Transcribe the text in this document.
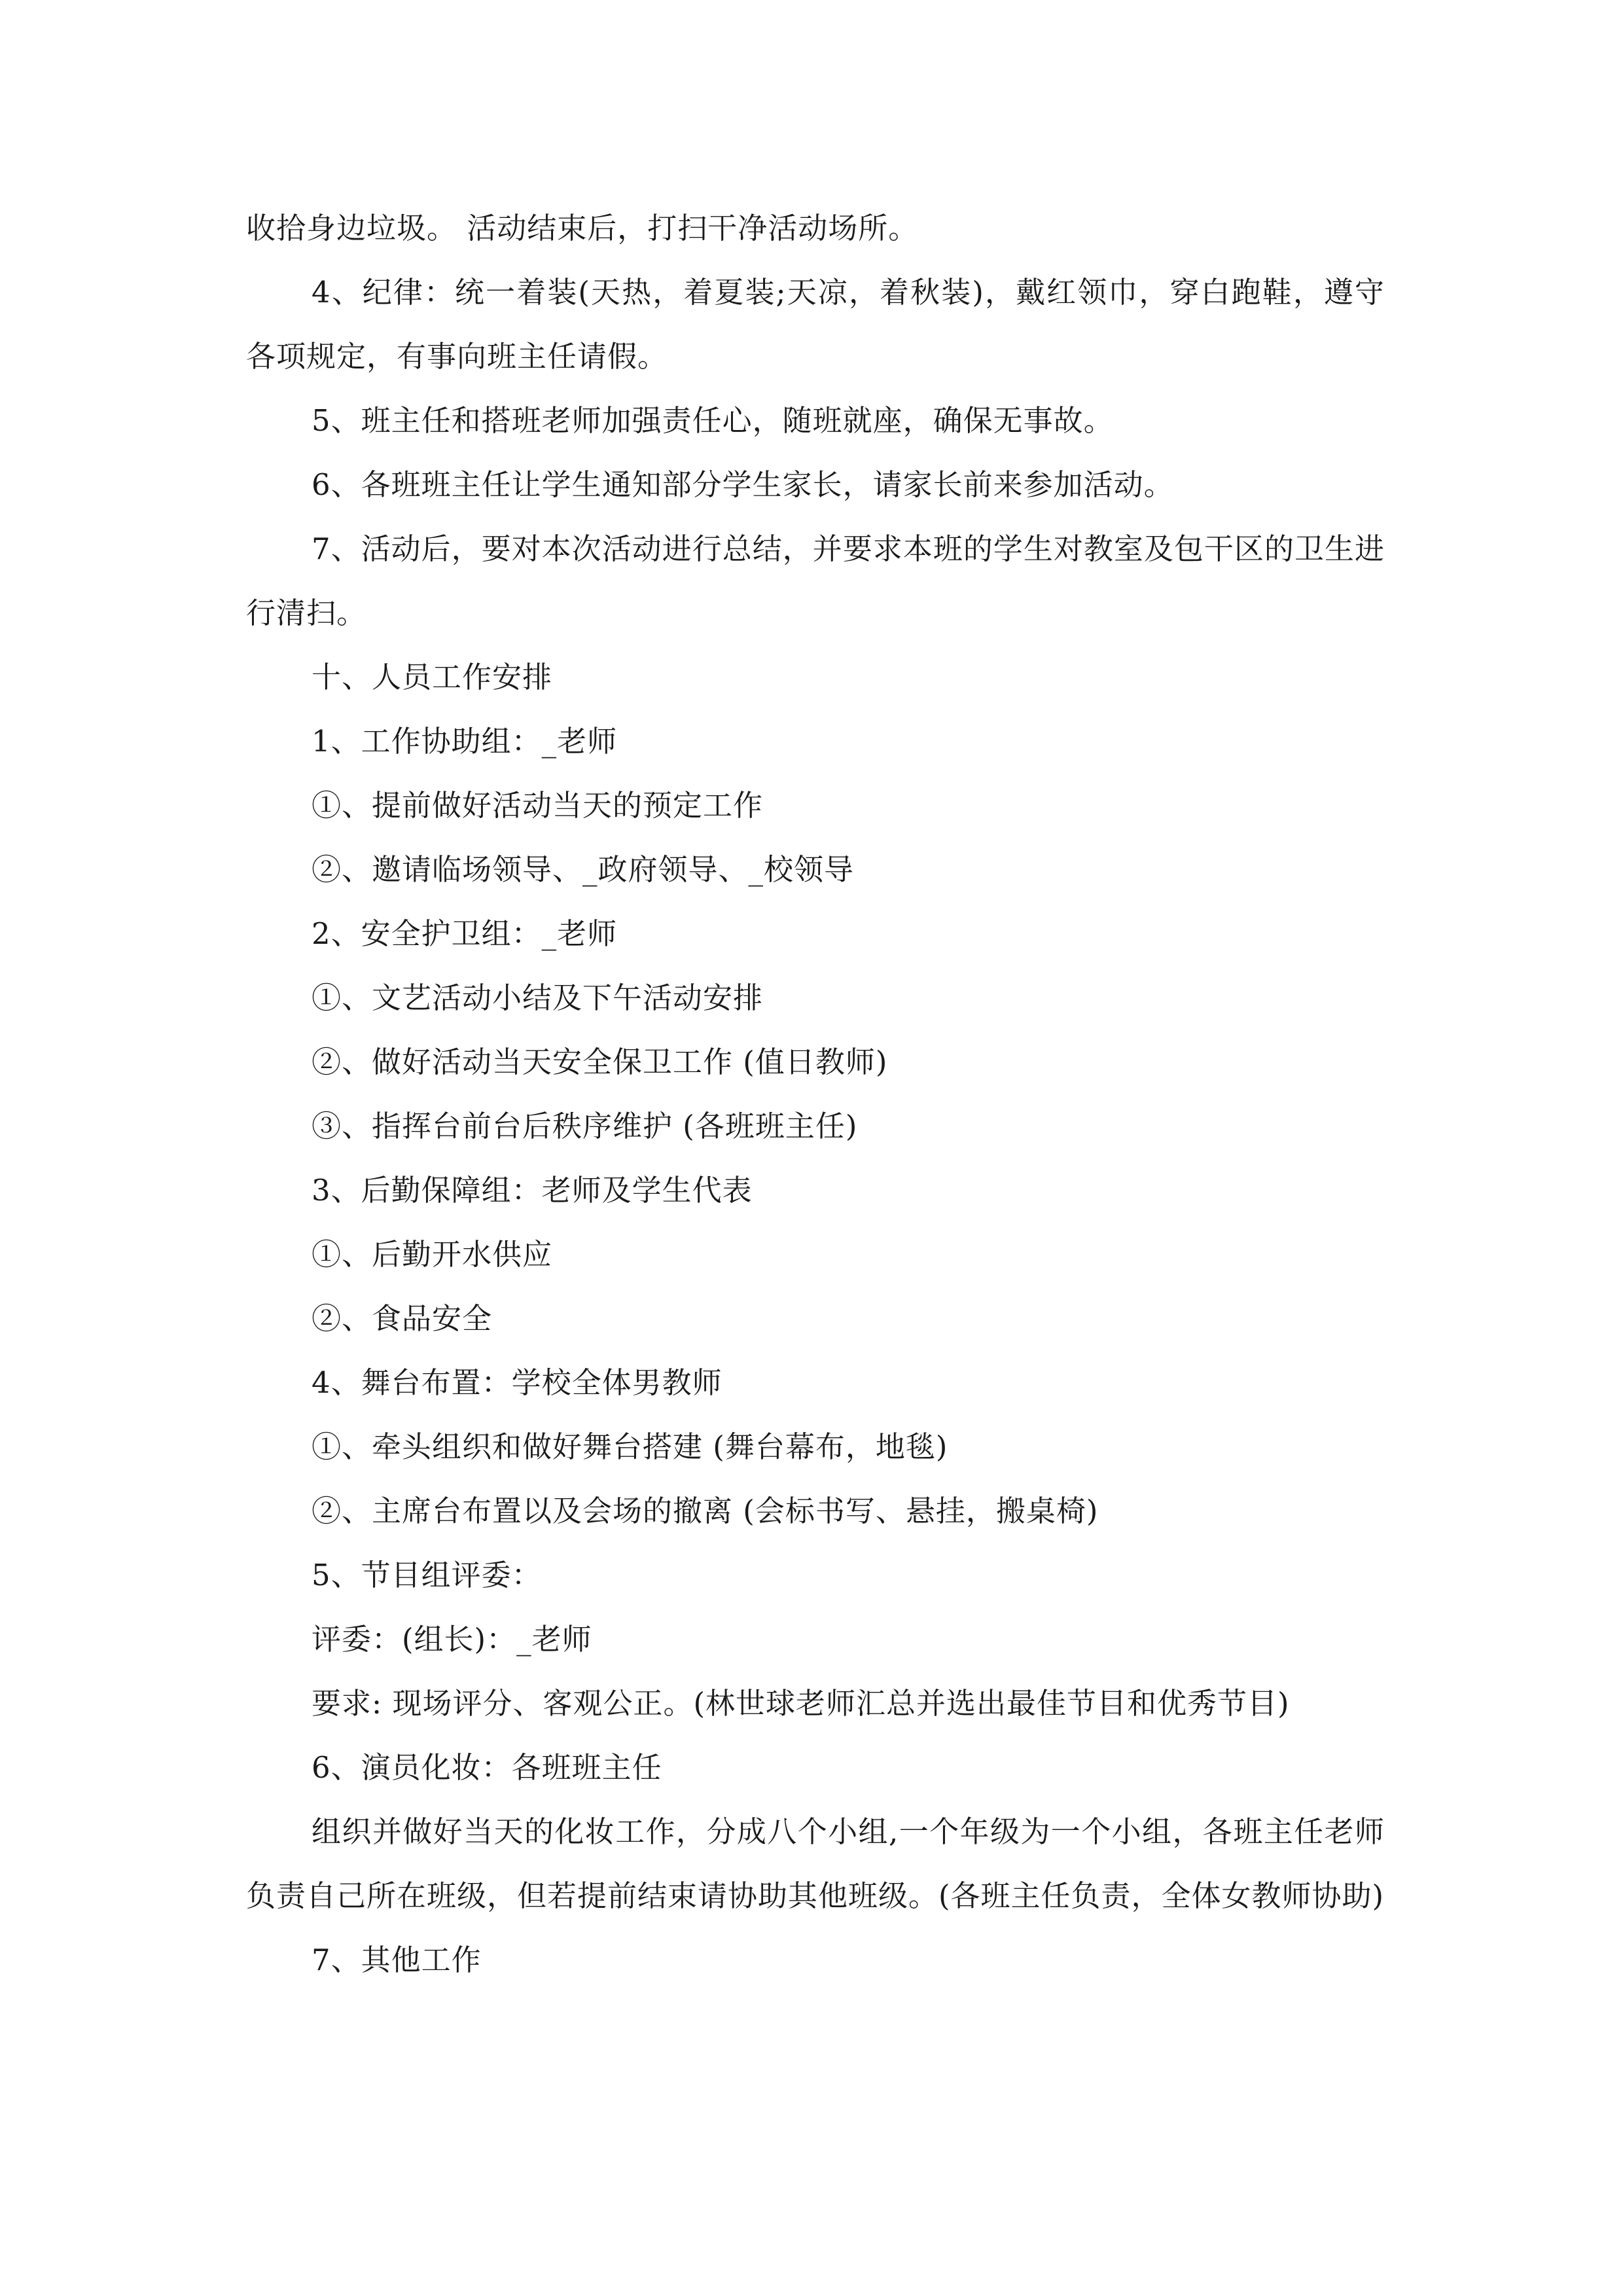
收拾身边垃圾。 活动结束后，打扫干净活动场所。

4、纪律：统一着装(天热，着夏装;天凉，着秋装)，戴红领巾，穿白跑鞋，遵守各项规定，有事向班主任请假。

5、班主任和搭班老师加强责任心，随班就座，确保无事故。

6、各班班主任让学生通知部分学生家长，请家长前来参加活动。

7、活动后，要对本次活动进行总结，并要求本班的学生对教室及包干区的卫生进行清扫。

十、人员工作安排

1、工作协助组：_老师

①、提前做好活动当天的预定工作

②、邀请临场领导、_政府领导、_校领导

2、安全护卫组：_老师

①、文艺活动小结及下午活动安排

②、做好活动当天安全保卫工作 (值日教师)

③、指挥台前台后秩序维护 (各班班主任)

3、后勤保障组：老师及学生代表

①、后勤开水供应

②、食品安全

4、舞台布置：学校全体男教师

①、牵头组织和做好舞台搭建 (舞台幕布，地毯)

②、主席台布置以及会场的撤离 (会标书写、悬挂，搬桌椅)

5、节目组评委：

评委：(组长)：_老师

要求: 现场评分、客观公正。(林世球老师汇总并选出最佳节目和优秀节目)

6、演员化妆：各班班主任

组织并做好当天的化妆工作，分成八个小组,一个年级为一个小组，各班主任老师负责自己所在班级，但若提前结束请协助其他班级。(各班主任负责，全体女教师协助)

7、其他工作
